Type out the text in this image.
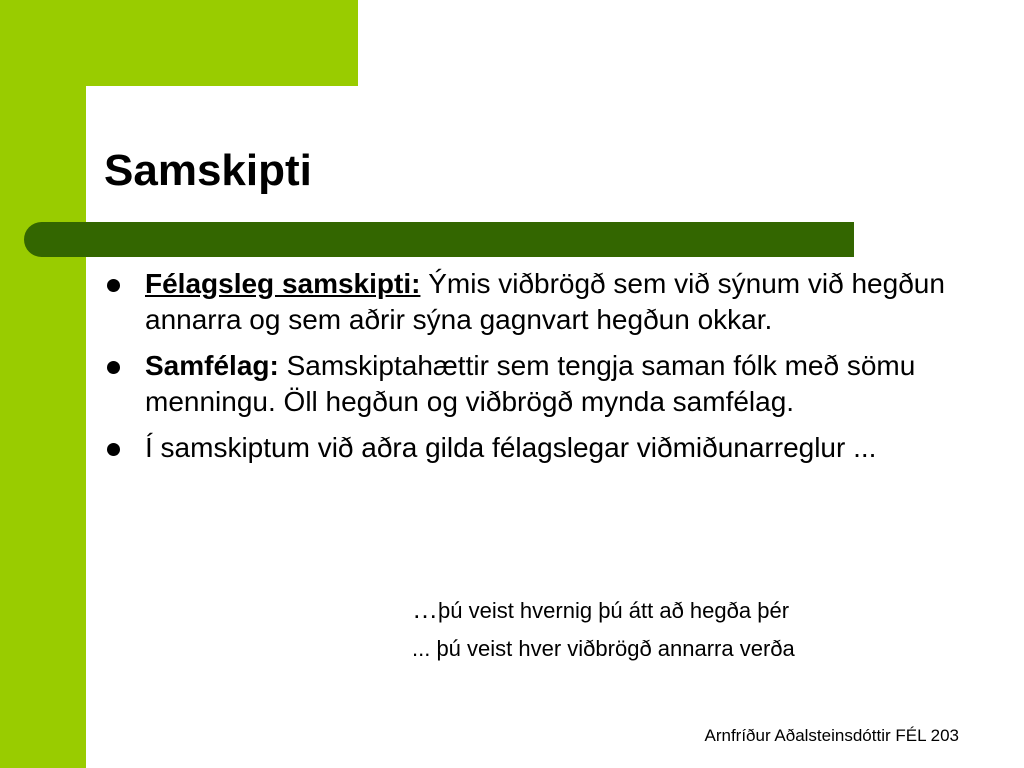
Samskipti
Félagsleg samskipti: Ýmis viðbrögð sem við sýnum við hegðun annarra og sem aðrir sýna gagnvart hegðun okkar.
Samfélag: Samskiptahættir sem tengja saman fólk með sömu menningu. Öll hegðun og viðbrögð mynda samfélag.
Í samskiptum við aðra gilda félagslegar viðmiðunarreglur ...
…þú veist hvernig þú átt að hegða þér
... þú veist hver viðbrögð annarra verða
Arnfríður Aðalsteinsdóttir FÉL 203
